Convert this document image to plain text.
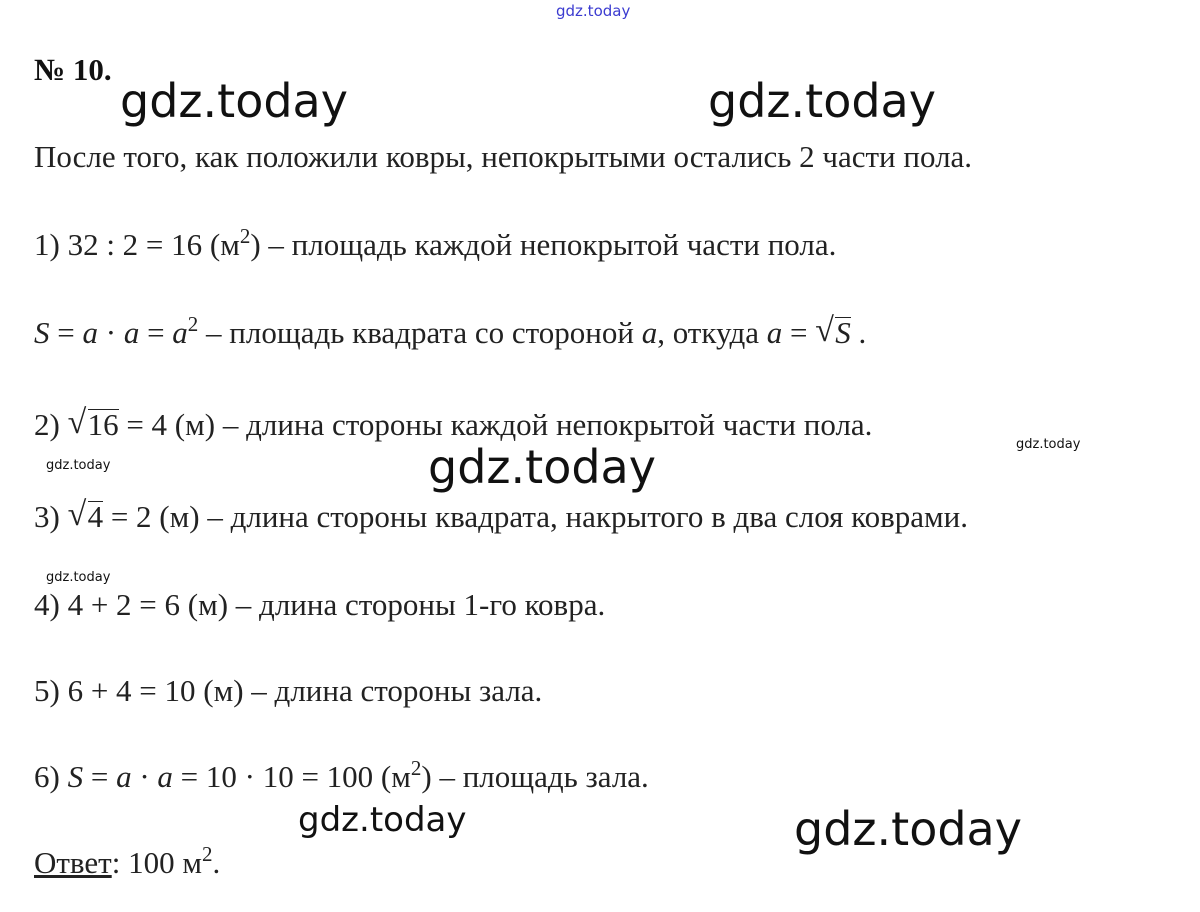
gdz.today
gdz.today	gdz.today
gdz.today
gdz.today	gdz.today
gdz.today
gdz.today	gdz.today
№ 10.
После того, как положили ковры, непокрытыми остались 2 части пола.
1) 32 : 2 = 16 $(м^2)$ – площадь каждой непокрытой части пола.
$S = a \cdot a = a^2$ – площадь квадрата со стороной a, откуда a = √ S .
2) √ 16 = 4 (м) – длина стороны каждой непокрытой части пола.
3) √ 4 = 2 (м) – длина стороны квадрата, накрытого в два слоя коврами.
4) 4 + 2 = 6 (м) – длина стороны 1-го ковра.
5) 6 + 4 = 10 (м) – длина стороны зала.
6) S = a · a = 10 · 10 = 100 $(м^2)$ – площадь зала.
Ответ: 100 $м^2$.
